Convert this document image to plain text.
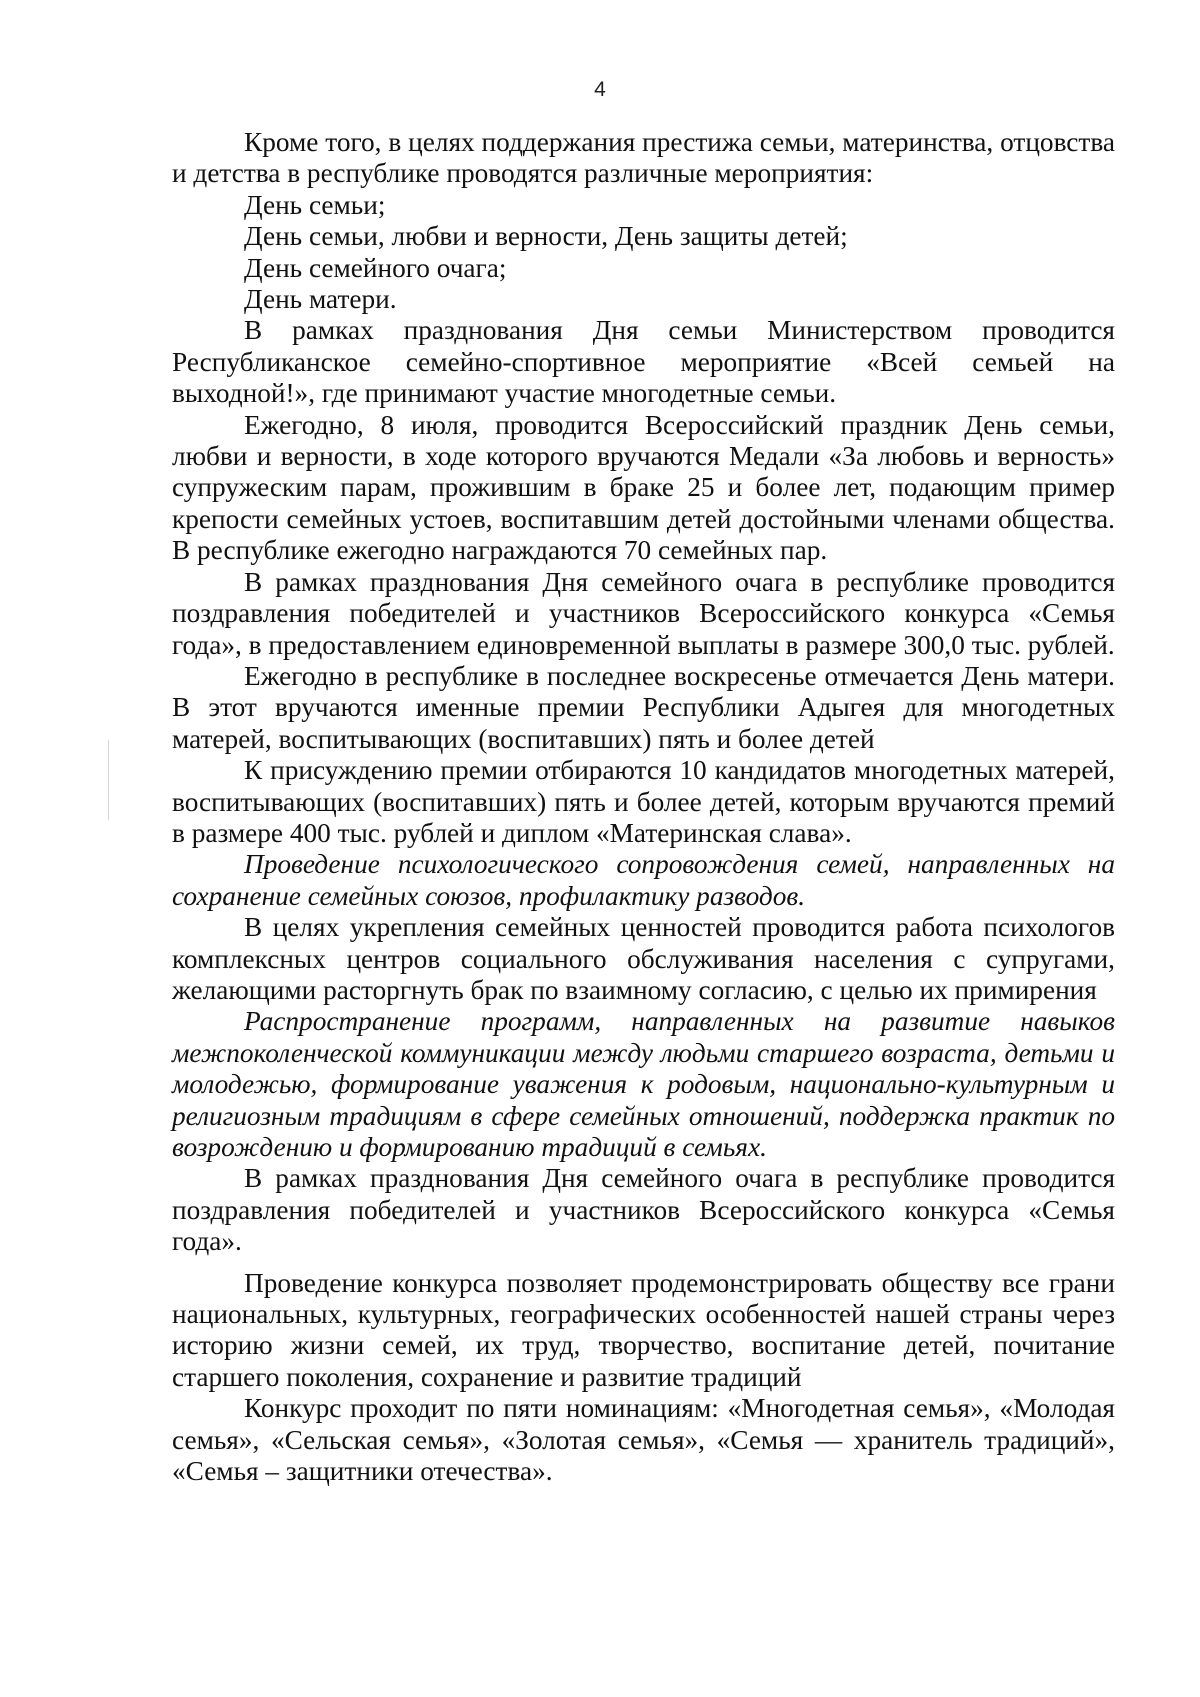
4

Кроме того, в целях поддержания престижа семьи, материнства, отцовства и детства в республике проводятся различные мероприятия:

День семьи;

День семьи, любви и верности, День защиты детей;

День семейного очага;

День матери.

В рамках празднования Дня семьи Министерством проводится Республиканское семейно-спортивное мероприятие «Всей семьей на выходной!», где принимают участие многодетные семьи.

Ежегодно, 8 июля, проводится Всероссийский праздник День семьи, любви и верности, в ходе которого вручаются Медали «За любовь и верность» супружеским парам, прожившим в браке 25 и более лет, подающим пример крепости семейных устоев, воспитавшим детей достойными членами общества. В республике ежегодно награждаются 70 семейных пар.

В рамках празднования Дня семейного очага в республике проводится поздравления победителей и участников Всероссийского конкурса «Семья года», в предоставлением единовременной выплаты в размере 300,0 тыс. рублей.

Ежегодно в республике в последнее воскресенье отмечается День матери. В этот вручаются именные премии Республики Адыгея для многодетных матерей, воспитывающих (воспитавших) пять и более детей

К присуждению премии отбираются 10 кандидатов многодетных матерей, воспитывающих (воспитавших) пять и более детей, которым вручаются премий в размере 400 тыс. рублей и диплом «Материнская слава».

Проведение психологического сопровождения семей, направленных на сохранение семейных союзов, профилактику разводов.

В целях укрепления семейных ценностей проводится работа психологов комплексных центров социального обслуживания населения с супругами, желающими расторгнуть брак по взаимному согласию, с целью их примирения

Распространение программ, направленных на развитие навыков межпоколенческой коммуникации между людьми старшего возраста, детьми и молодежью, формирование уважения к родовым, национально-культурным и религиозным традициям в сфере семейных отношений, поддержка практик по возрождению и формированию традиций в семьях.

В рамках празднования Дня семейного очага в республике проводится поздравления победителей и участников Всероссийского конкурса «Семья года».

Проведение конкурса позволяет продемонстрировать обществу все грани национальных, культурных, географических особенностей нашей страны через историю жизни семей, их труд, творчество, воспитание детей, почитание старшего поколения, сохранение и развитие традиций

Конкурс проходит по пяти номинациям: «Многодетная семья», «Молодая семья», «Сельская семья», «Золотая семья», «Семья — хранитель традиций», «Семья – защитники отечества».
